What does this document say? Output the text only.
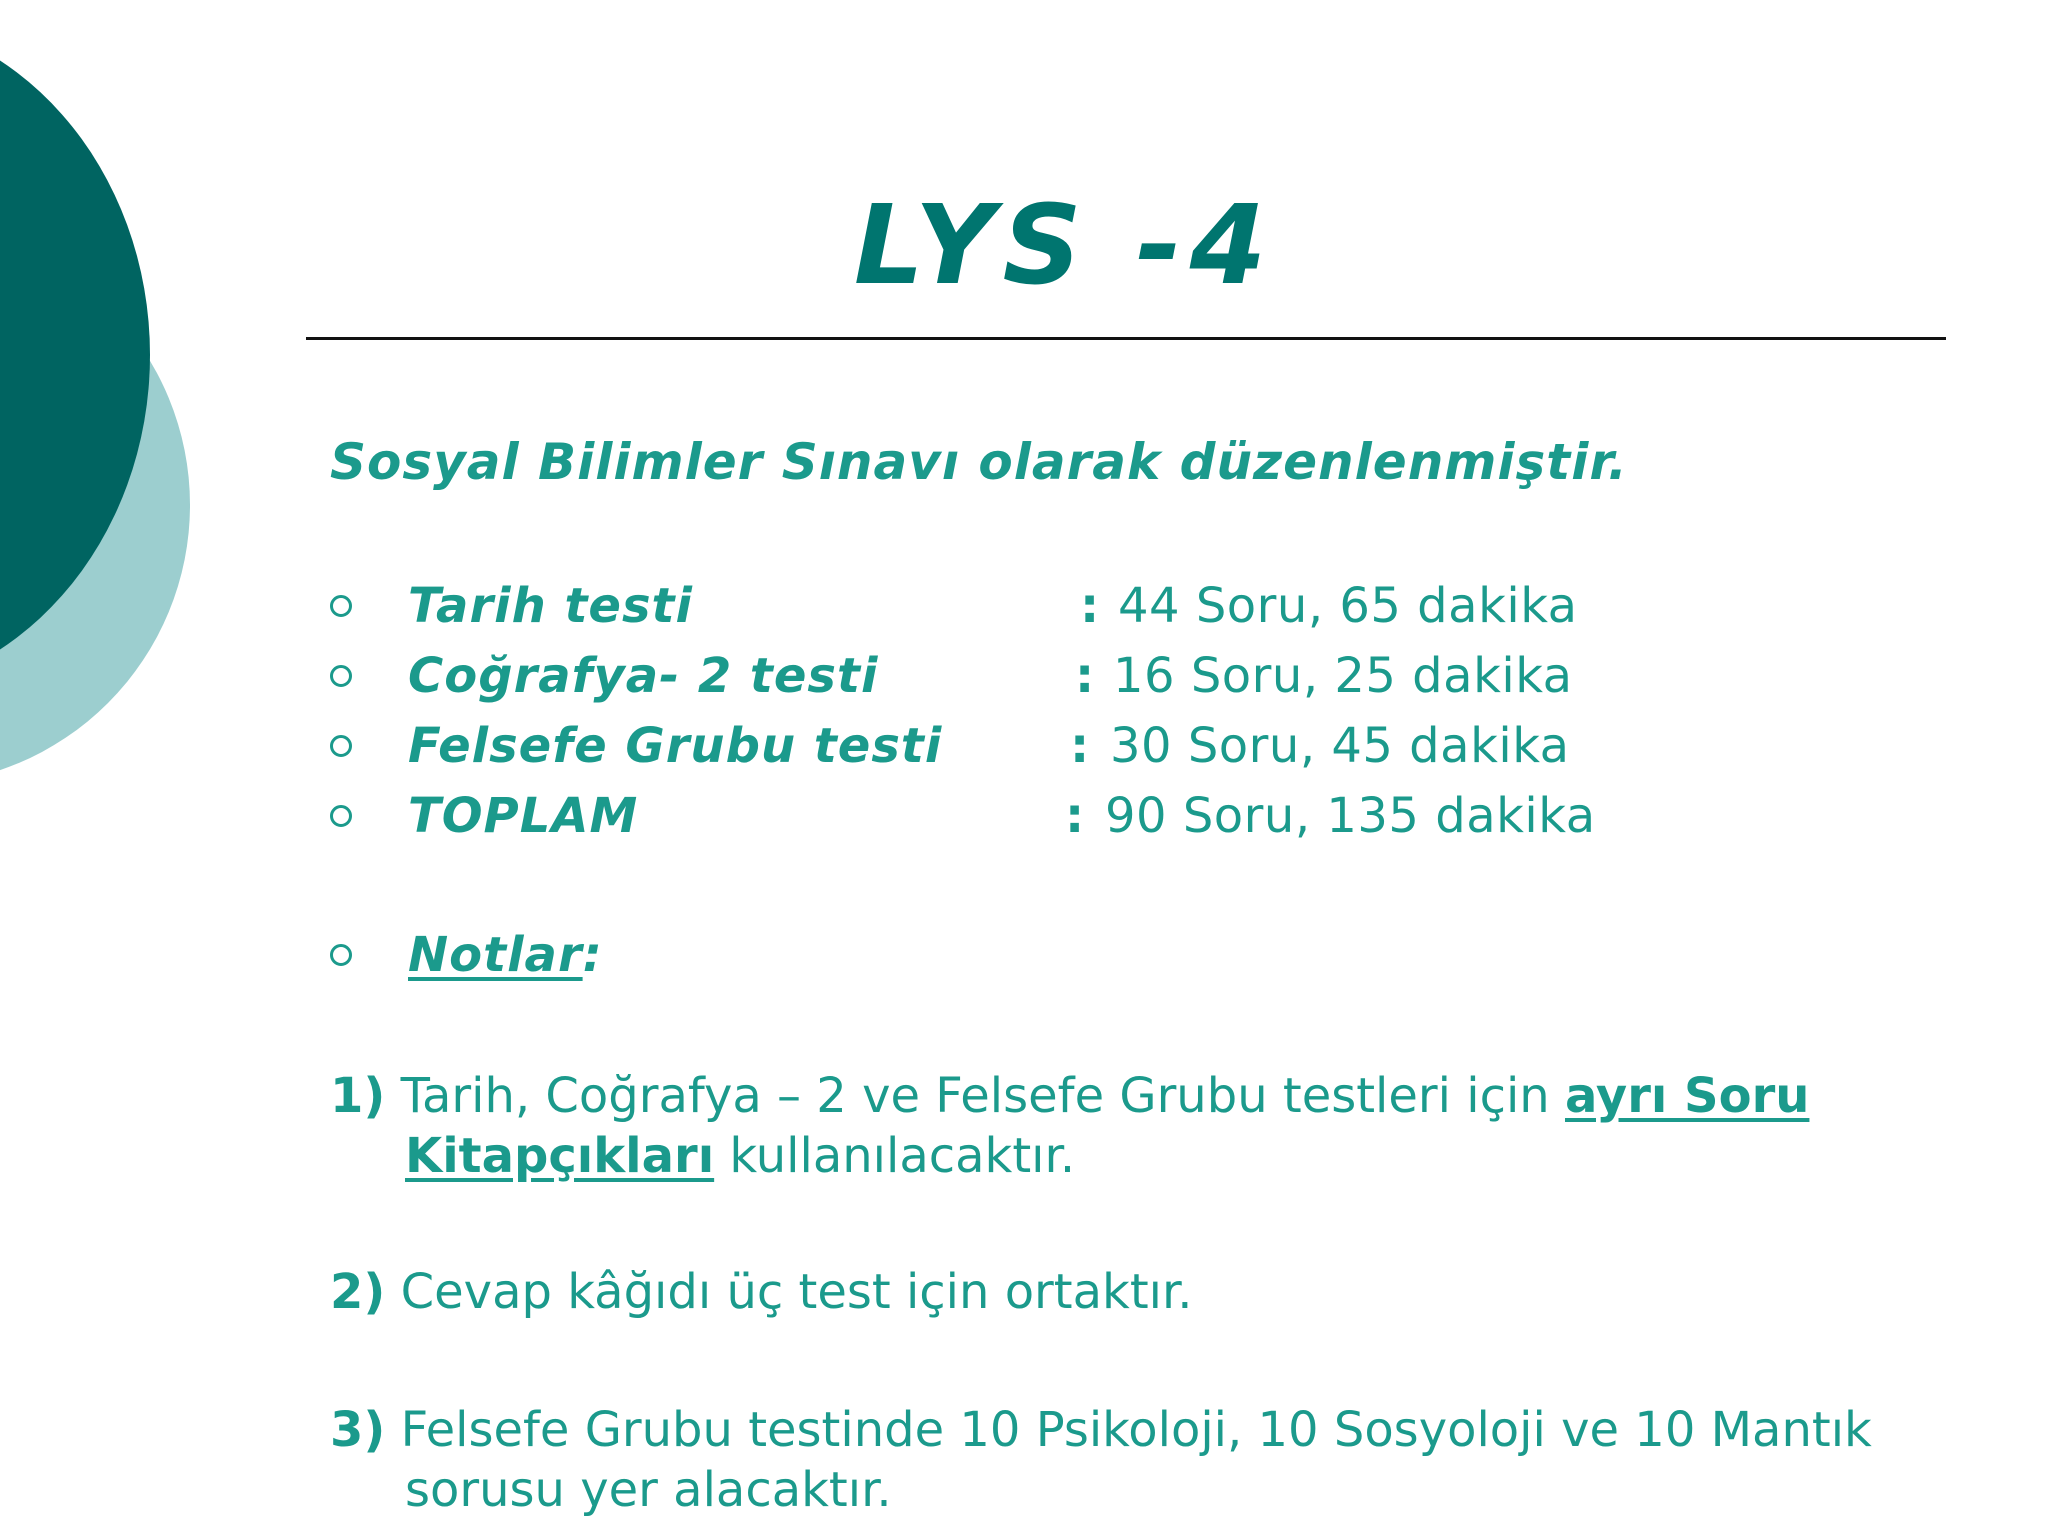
LYS -4
Sosyal Bilimler Sınavı olarak düzenlenmiştir.
Tarih testi	: 44 Soru, 65 dakika
Coğrafya- 2 testi	: 16 Soru, 25 dakika
Felsefe Grubu testi	: 30 Soru, 45 dakika
TOPLAM	: 90 Soru, 135 dakika
Notlar:
1) Tarih, Coğrafya – 2 ve Felsefe Grubu testleri için ayrı Soru
Kitapçıkları kullanılacaktır.
2) Cevap kâğıdı üç test için ortaktır.
3) Felsefe Grubu testinde 10 Psikoloji, 10 Sosyoloji ve 10 Mantık
sorusu yer alacaktır.
